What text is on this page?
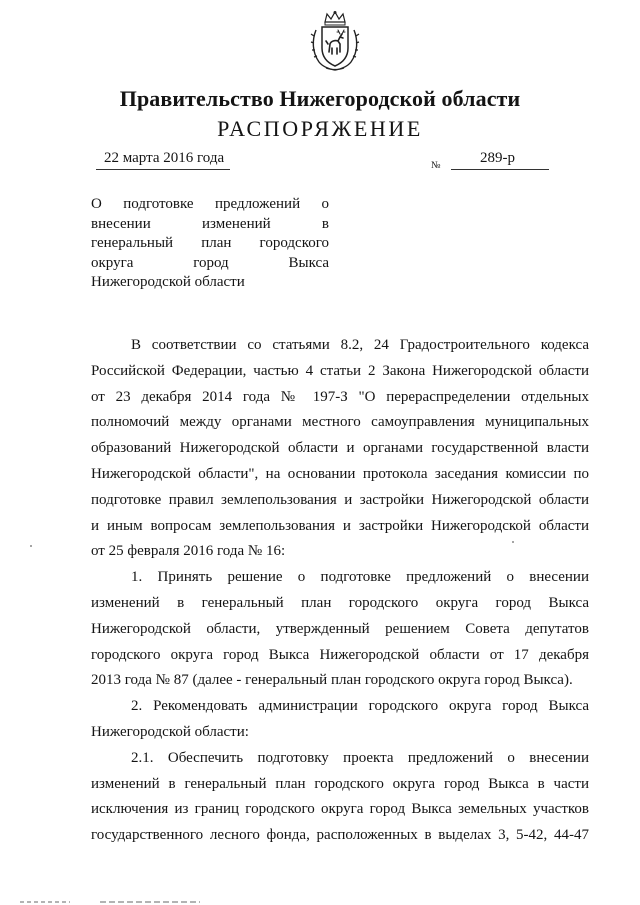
Правительство Нижегородской области
РАСПОРЯЖЕНИЕ
22 марта 2016 года	№	289-р
О подготовке предложений о
внесении изменений в
генеральный план городского
округа город Выкса
Нижегородской области
В соответствии со статьями 8.2, 24 Градостроительного кодекса
Российской Федерации, частью 4 статьи 2 Закона Нижегородской области
от 23 декабря 2014 года № 197-З "О перераспределении отдельных
полномочий между органами местного самоуправления муниципальных
образований Нижегородской области и органами государственной власти
Нижегородской области", на основании протокола заседания комиссии по
подготовке правил землепользования и застройки Нижегородской области
и иным вопросам землепользования и застройки Нижегородской области
от 25 февраля 2016 года № 16:
1. Принять решение о подготовке предложений о внесении
изменений в генеральный план городского округа город Выкса
Нижегородской области, утвержденный решением Совета депутатов
городского округа город Выкса Нижегородской области от 17 декабря
2013 года № 87 (далее - генеральный план городского округа город Выкса).
2. Рекомендовать администрации городского округа город Выкса
Нижегородской области:
2.1. Обеспечить подготовку проекта предложений о внесении
изменений в генеральный план городского округа город Выкса в части
исключения из границ городского округа город Выкса земельных участков
государственного лесного фонда, расположенных в выделах 3, 5-42, 44-47
